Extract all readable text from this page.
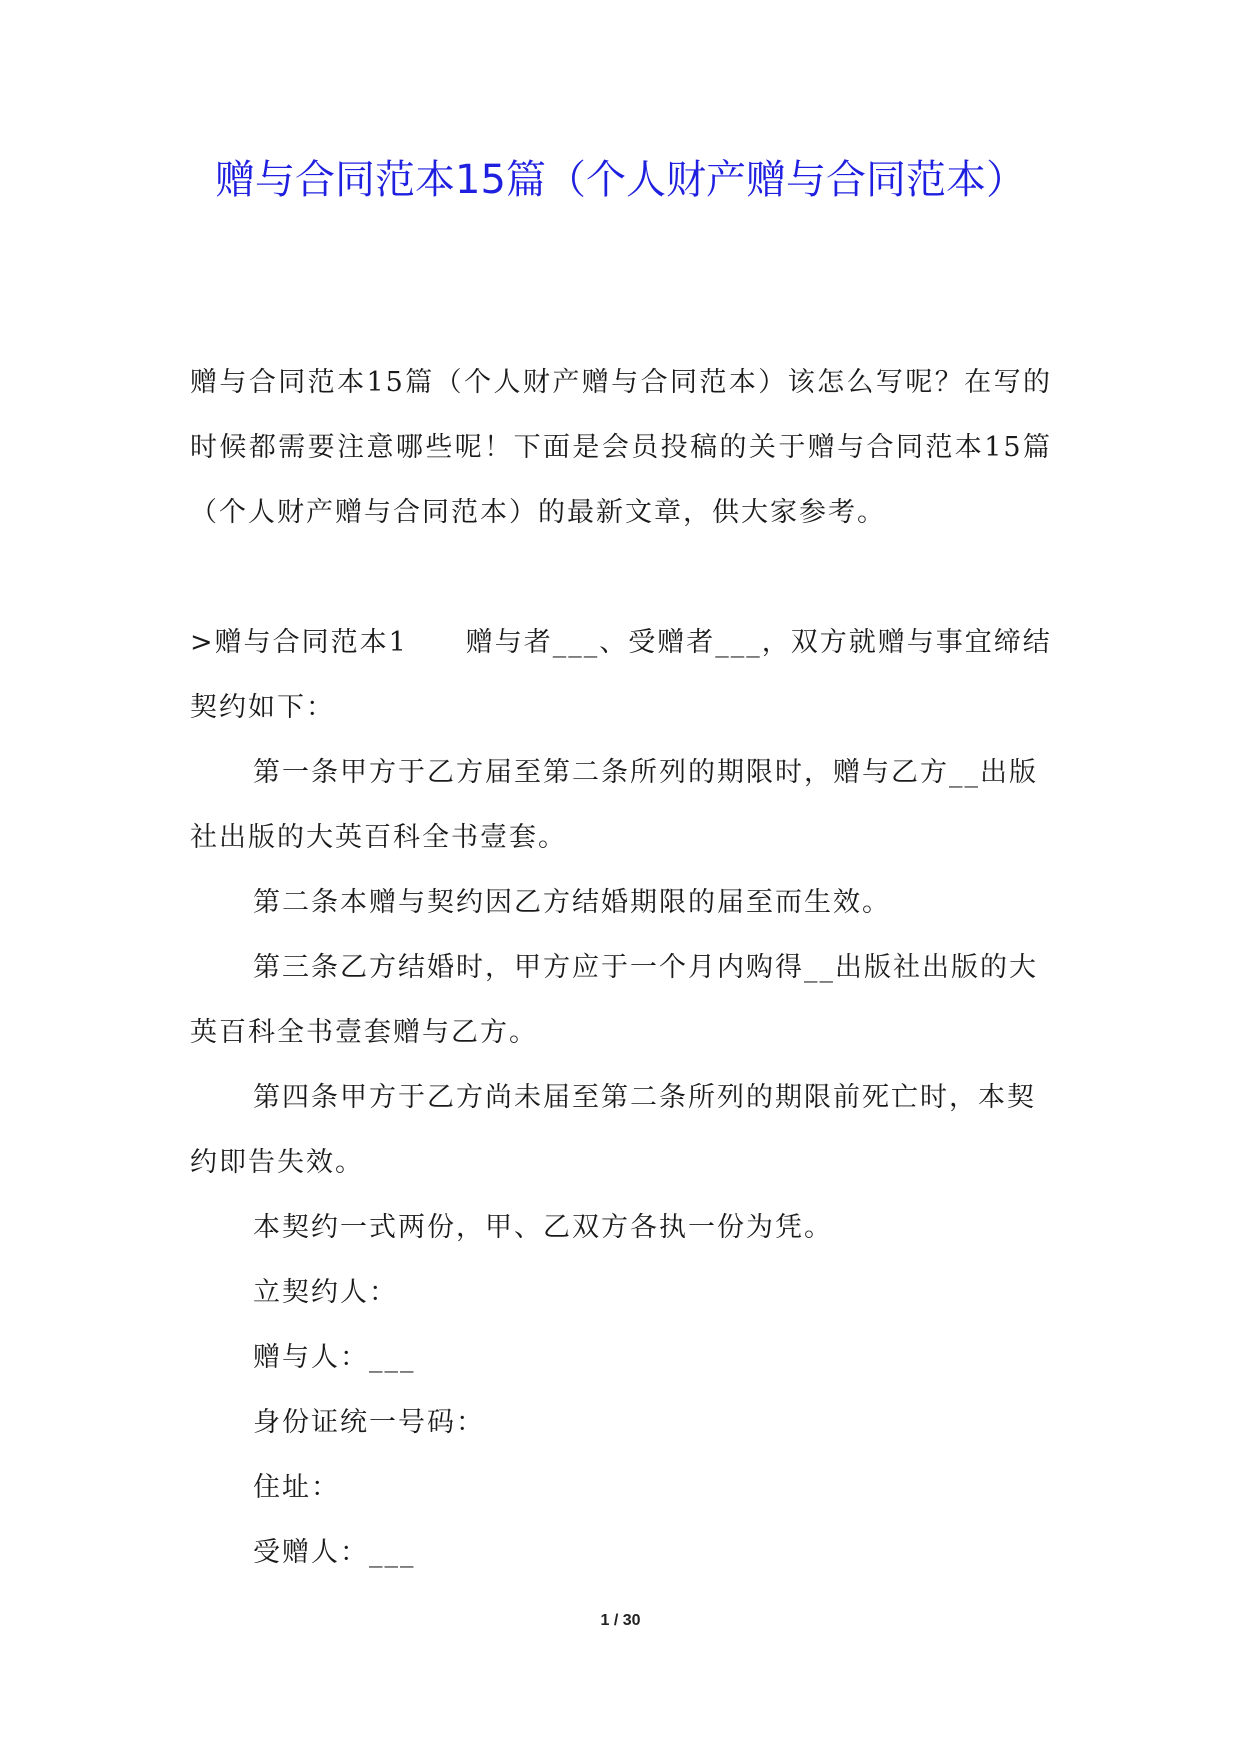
赠与合同范本15篇（个人财产赠与合同范本）

赠与合同范本15篇（个人财产赠与合同范本）该怎么写呢？在写的时候都需要注意哪些呢！下面是会员投稿的关于赠与合同范本15篇（个人财产赠与合同范本）的最新文章，供大家参考。

>赠与合同范本1　　赠与者___、受赠者___，双方就赠与事宜缔结契约如下：

第一条甲方于乙方届至第二条所列的期限时，赠与乙方__出版社出版的大英百科全书壹套。

第二条本赠与契约因乙方结婚期限的届至而生效。

第三条乙方结婚时，甲方应于一个月内购得__出版社出版的大英百科全书壹套赠与乙方。

第四条甲方于乙方尚未届至第二条所列的期限前死亡时，本契约即告失效。

本契约一式两份，甲、乙双方各执一份为凭。

立契约人：

赠与人：___

身份证统一号码：

住址：

受赠人：___

1 / 30
